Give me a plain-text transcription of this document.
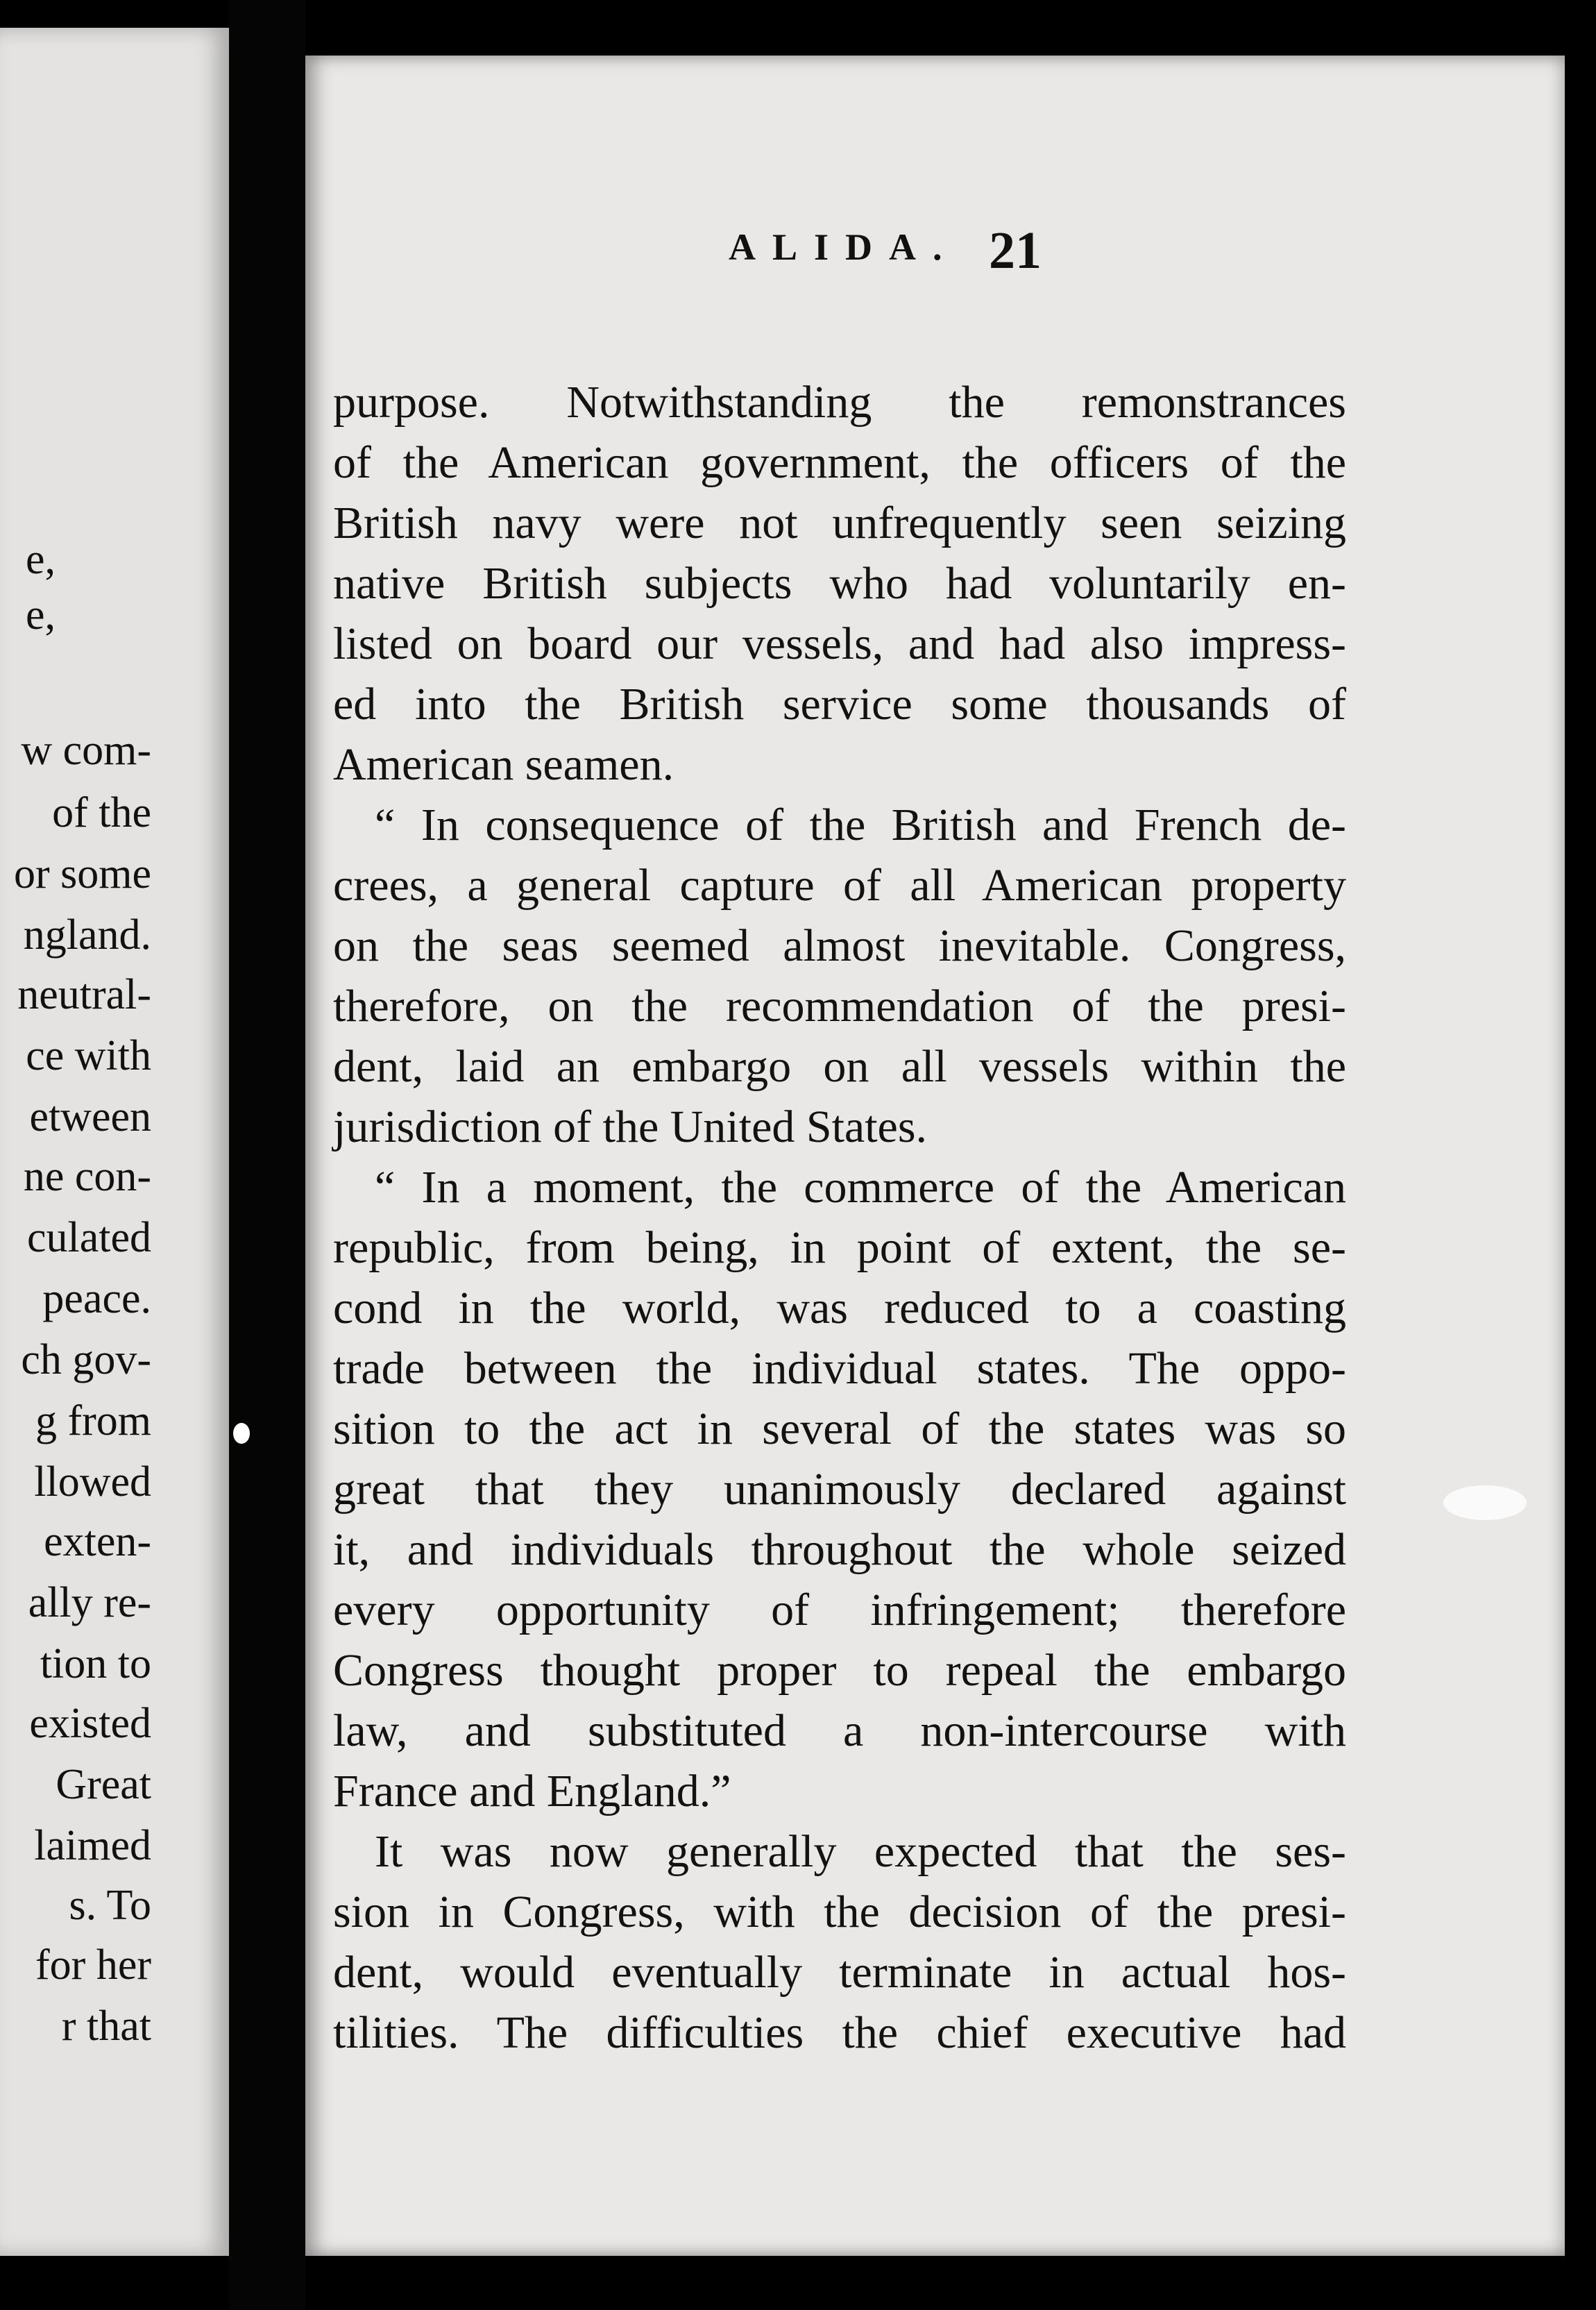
e,
e,
w com-
of the
or some
ngland.
neutral-
ce with
etween
ne con-
culated
peace.
ch gov-
g from
llowed
exten-
ally re-
tion to
existed
Great
laimed
s. To
for her
r that
ALIDA. 21
purpose. Notwithstanding the remonstrances
of the American government, the officers of the
British navy were not unfrequently seen seizing
native British subjects who had voluntarily en-
listed on board our vessels, and had also impress-
ed into the British service some thousands of
American seamen.
“ In consequence of the British and French de-
crees, a general capture of all American property
on the seas seemed almost inevitable. Congress,
therefore, on the recommendation of the presi-
dent, laid an embargo on all vessels within the
jurisdiction of the United States.
“ In a moment, the commerce of the American
republic, from being, in point of extent, the se-
cond in the world, was reduced to a coasting
trade between the individual states. The oppo-
sition to the act in several of the states was so
great that they unanimously declared against
it, and individuals throughout the whole seized
every opportunity of infringement; therefore
Congress thought proper to repeal the embargo
law, and substituted a non-intercourse with
France and England.”
It was now generally expected that the ses-
sion in Congress, with the decision of the presi-
dent, would eventually terminate in actual hos-
tilities. The difficulties the chief executive had
